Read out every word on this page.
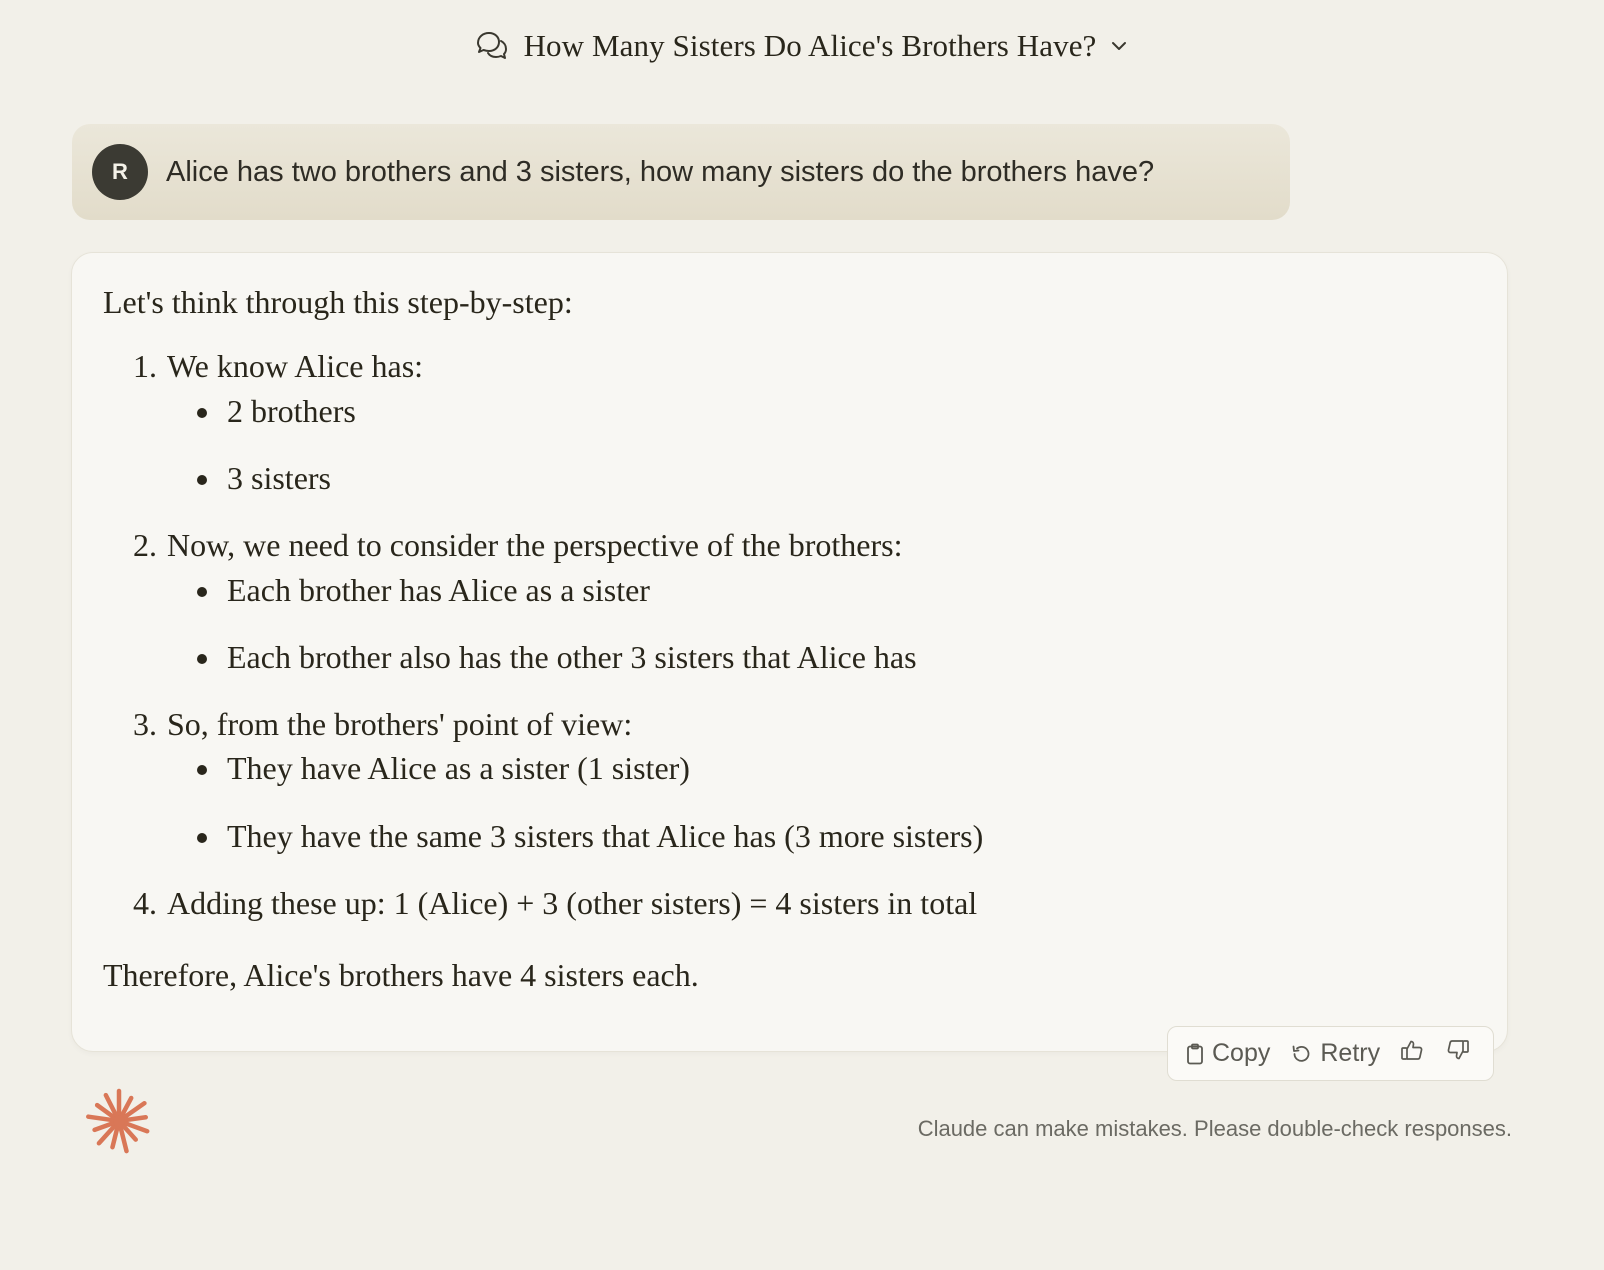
How Many Sisters Do Alice's Brothers Have?
R	Alice has two brothers and 3 sisters, how many sisters do the brothers have?

Let's think through this step-by-step:

1. We know Alice has:
2 brothers
3 sisters
2. Now, we need to consider the perspective of the brothers:
Each brother has Alice as a sister
Each brother also has the other 3 sisters that Alice has
3. So, from the brothers' point of view:
They have Alice as a sister (1 sister)
They have the same 3 sisters that Alice has (3 more sisters)
4. Adding these up: 1 (Alice) + 3 (other sisters) = 4 sisters in total

Therefore, Alice's brothers have 4 sisters each.

Copy Retry
Claude can make mistakes. Please double-check responses.
